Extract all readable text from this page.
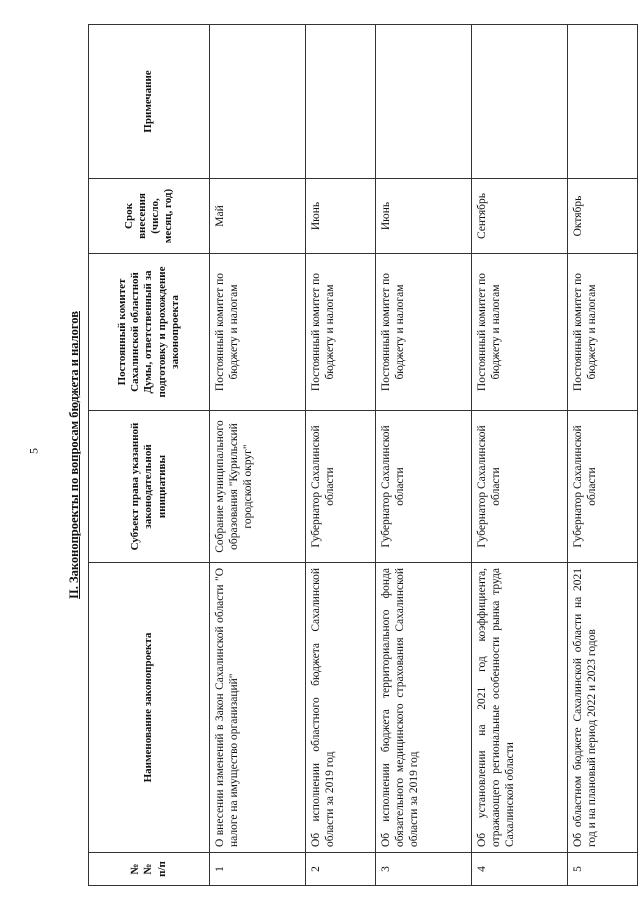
5	II. Законопроекты по вопросам бюджета и налогов
№№ п/п	Наименование законопроекта	Субъект права указанной законодательной инициативы	Постоянный комитет Сахалинской областной Думы, ответственный за подготовку и прохождение законопроекта	Срок внесения (число, месяц, год)	Примечание
1	О внесении изменений в Закон Сахалинской области "О налоге на имущество организаций"	Собрание муниципального образования "Курильский городской округ"	Постоянный комитет по бюджету и налогам	Май	
2	Об исполнении областного бюджета Сахалинской области за 2019 год	Губернатор Сахалинской области	Постоянный комитет по бюджету и налогам	Июнь	
3	Об исполнении бюджета территориального фонда обязательного медицинского страхования Сахалинской области за 2019 год	Губернатор Сахалинской области	Постоянный комитет по бюджету и налогам	Июнь	
4	Об установлении на 2021 год коэффициента, отражающего региональные особенности рынка труда Сахалинской области	Губернатор Сахалинской области	Постоянный комитет по бюджету и налогам	Сентябрь	
5	Об областном бюджете Сахалинской области на 2021 год и на плановый период 2022 и 2023 годов	Губернатор Сахалинской области	Постоянный комитет по бюджету и налогам	Октябрь	
